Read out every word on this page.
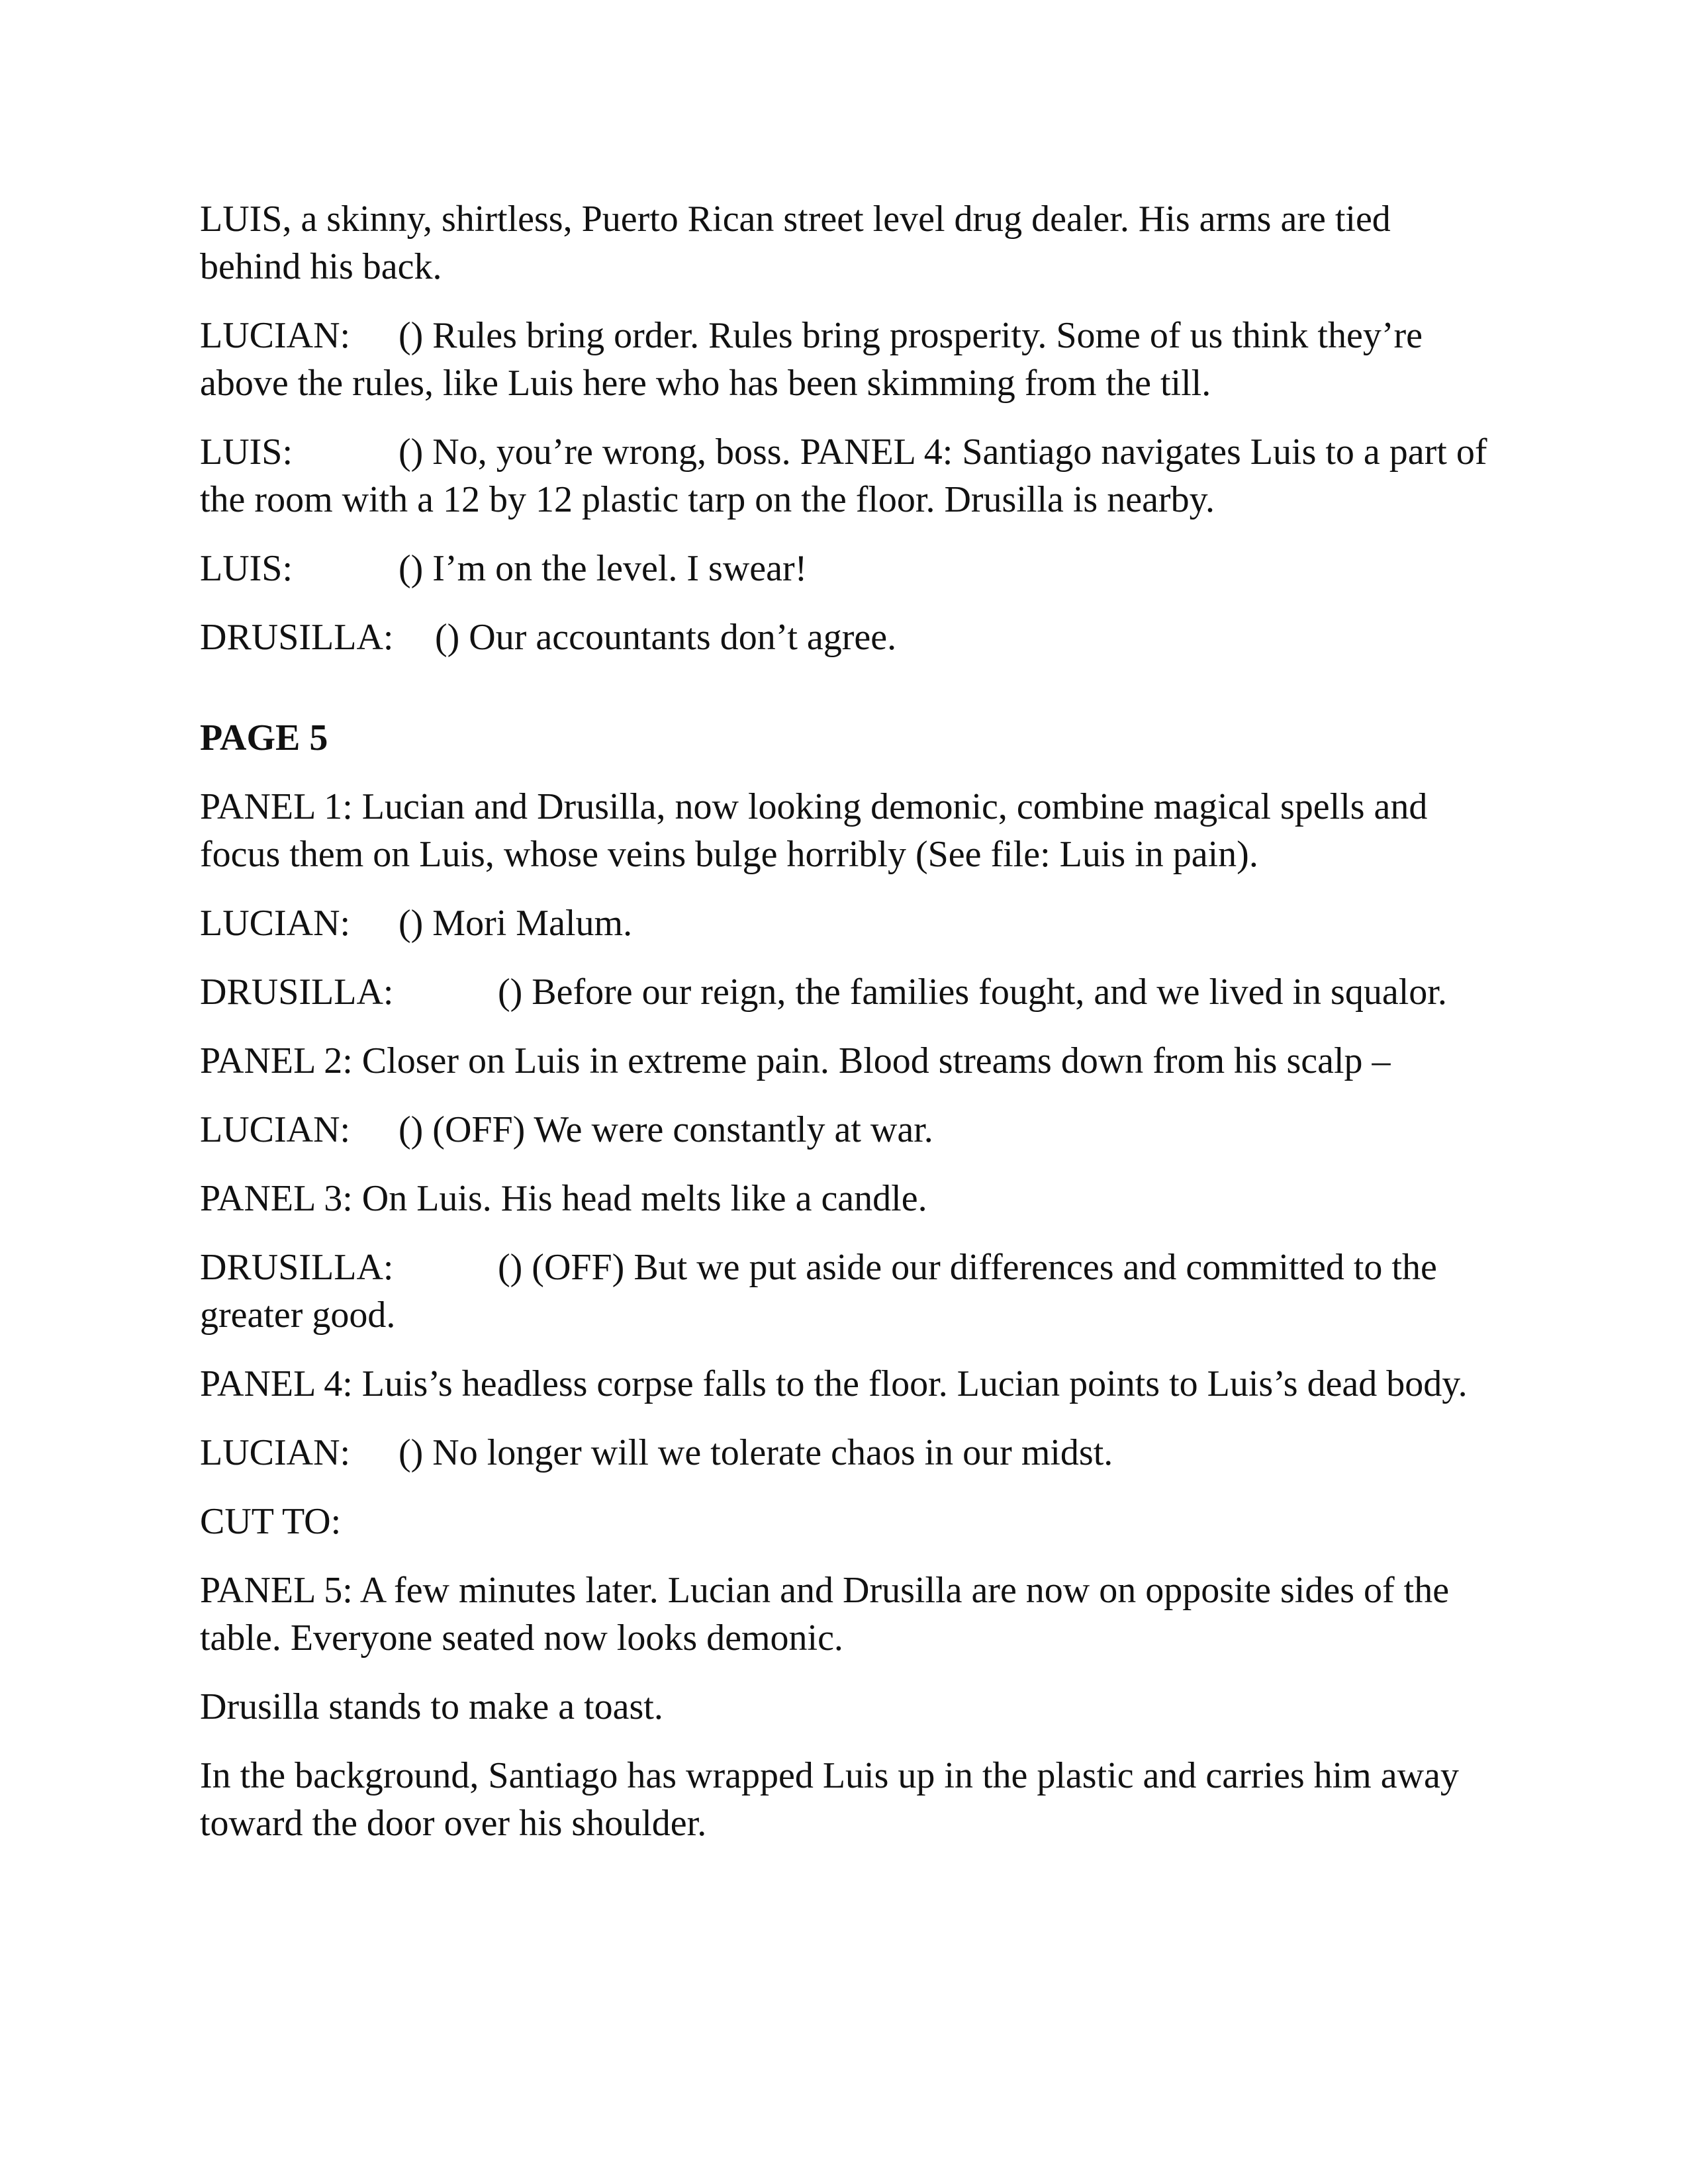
LUIS, a skinny, shirtless, Puerto Rican street level drug dealer. His arms are tied behind his back.

LUCIAN: () Rules bring order. Rules bring prosperity. Some of us think they’re above the rules, like Luis here who has been skimming from the till.

LUIS:	() No, you’re wrong, boss. PANEL 4: Santiago navigates Luis to a part of the room with a 12 by 12 plastic tarp on the floor. Drusilla is nearby.

LUIS:	() I’m on the level. I swear!

DRUSILLA: () Our accountants don’t agree.

PAGE 5

PANEL 1: Lucian and Drusilla, now looking demonic, combine magical spells and focus them on Luis, whose veins bulge horribly (See file: Luis in pain).

LUCIAN: () Mori Malum.

DRUSILLA:	() Before our reign, the families fought, and we lived in squalor.

PANEL 2: Closer on Luis in extreme pain. Blood streams down from his scalp –

LUCIAN: () (OFF) We were constantly at war.

PANEL 3: On Luis. His head melts like a candle.

DRUSILLA:	() (OFF) But we put aside our differences and committed to the greater good.

PANEL 4: Luis’s headless corpse falls to the floor. Lucian points to Luis’s dead body.

LUCIAN: () No longer will we tolerate chaos in our midst.

CUT TO:

PANEL 5: A few minutes later. Lucian and Drusilla are now on opposite sides of the table. Everyone seated now looks demonic.

Drusilla stands to make a toast.

In the background, Santiago has wrapped Luis up in the plastic and carries him away toward the door over his shoulder.
